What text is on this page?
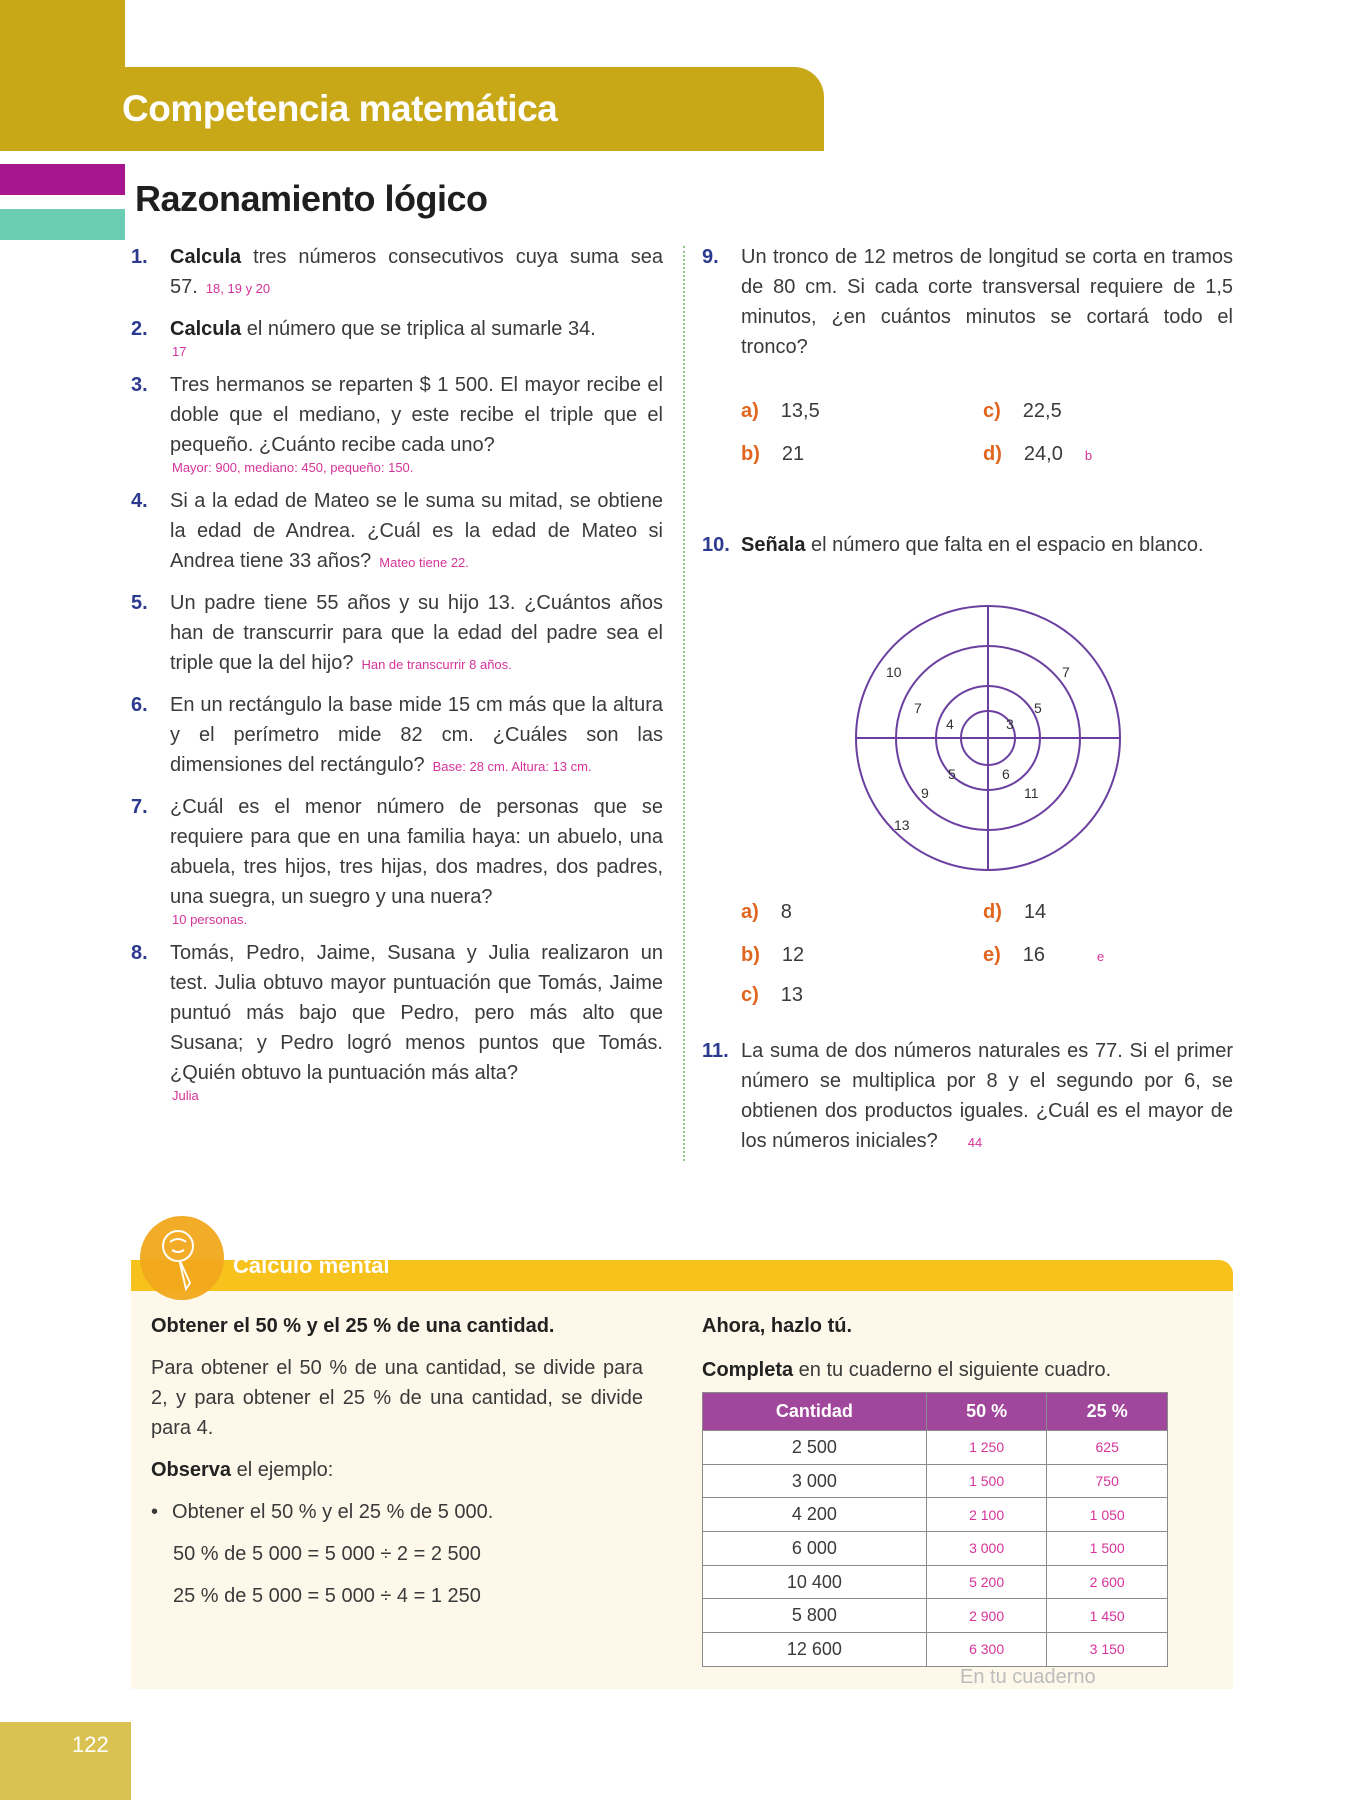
Competencia matemática
Razonamiento lógico
1. Calcula tres números consecutivos cuya suma sea 57. 18, 19 y 20
2. Calcula el número que se triplica al sumarle 34.
17
3. Tres hermanos se reparten $ 1 500. El mayor recibe el doble que el mediano, y este recibe el triple que el pequeño. ¿Cuánto recibe cada uno?
Mayor: 900, mediano: 450, pequeño: 150.
4. Si a la edad de Mateo se le suma su mitad, se obtiene la edad de Andrea. ¿Cuál es la edad de Mateo si Andrea tiene 33 años? Mateo tiene 22.
5. Un padre tiene 55 años y su hijo 13. ¿Cuántos años han de transcurrir para que la edad del padre sea el triple que la del hijo? Han de transcurrir 8 años.
6. En un rectángulo la base mide 15 cm más que la altura y el perímetro mide 82 cm. ¿Cuáles son las dimensiones del rectángulo? Base: 28 cm. Altura: 13 cm.
7. ¿Cuál es el menor número de personas que se requiere para que en una familia haya: un abuelo, una abuela, tres hijos, tres hijas, dos madres, dos padres, una suegra, un suegro y una nuera?
10 personas.
8. Tomás, Pedro, Jaime, Susana y Julia realizaron un test. Julia obtuvo mayor puntuación que Tomás, Jaime puntuó más bajo que Pedro, pero más alto que Susana; y Pedro logró menos puntos que Tomás. ¿Quién obtuvo la puntuación más alta?
Julia
9. Un tronco de 12 metros de longitud se corta en tramos de 80 cm. Si cada corte transversal requiere de 1,5 minutos, ¿en cuántos minutos se cortará todo el tronco?
a) 13,5
b) 21
c) 22,5
d) 24,0 b
10. Señala el número que falta en el espacio en blanco.
10
7
4
7
5
3
5
9
13
6
11
a) 8
b) 12
c) 13
d) 14
e) 16	e
11. La suma de dos números naturales es 77. Si el primer número se multiplica por 8 y el segundo por 6, se obtienen dos productos iguales. ¿Cuál es el mayor de los números iniciales? 44
Cálculo mental
Obtener el 50 % y el 25 % de una cantidad.
Para obtener el 50 % de una cantidad, se divide para 2, y para obtener el 25 % de una cantidad, se divide para 4.
Observa el ejemplo:
• Obtener el 50 % y el 25 % de 5 000.
50 % de 5 000 = 5 000 ÷ 2 = 2 500
25 % de 5 000 = 5 000 ÷ 4 = 1 250
Ahora, hazlo tú.
Completa en tu cuaderno el siguiente cuadro.
Cantidad	50 %	25 %
2 500	1 250	625
3 000	1 500	750
4 200	2 100	1 050
6 000	3 000	1 500
10 400	5 200	2 600
5 800	2 900	1 450
12 600	6 300	3 150
En tu cuaderno
122
